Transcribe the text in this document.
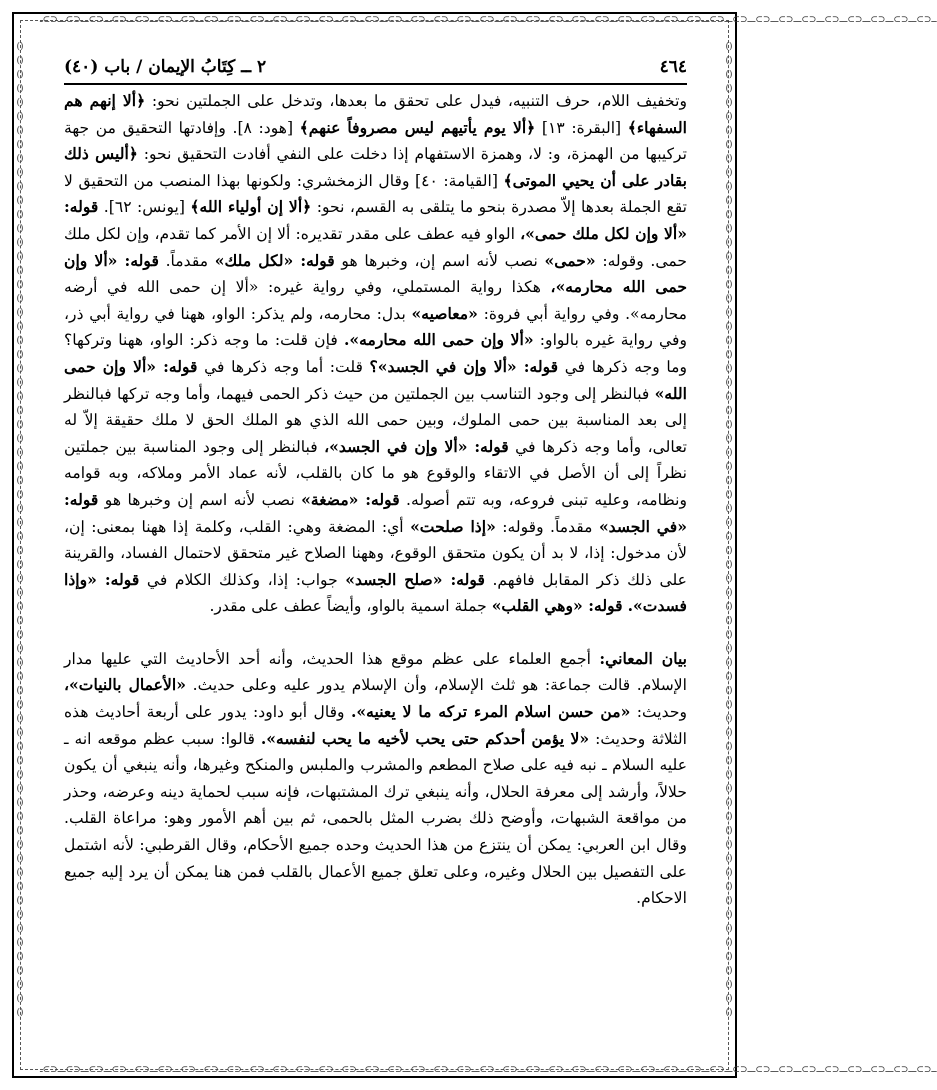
ــ⊂⊃ـــ⊂⊃ـــ⊂⊃ـــ⊂⊃ـــ⊂⊃ـــ⊂⊃ـــ⊂⊃ـــ⊂⊃ـــ⊂⊃ـــ⊂⊃ـــ⊂⊃ـــ⊂⊃ـــ⊂⊃ـــ⊂⊃ـــ⊂⊃ـــ⊂⊃ـــ⊂⊃ـــ⊂⊃ـــ⊂⊃ـــ⊂⊃ـــ⊂⊃ـــ⊂⊃ـــ⊂⊃ـــ⊂⊃ـــ⊂⊃ـــ⊂⊃ـــ⊂⊃ـــ⊂⊃ـــ⊂⊃ـــ⊂⊃ـــ⊂⊃ـــ⊂⊃ـــ⊂⊃ـــ⊂⊃ـــ⊂⊃ـــ⊂⊃ـــ⊂⊃ـــ⊂⊃ـــ⊂⊃ـ
ــ⊂⊃ـــ⊂⊃ـــ⊂⊃ـــ⊂⊃ـــ⊂⊃ـــ⊂⊃ـــ⊂⊃ـــ⊂⊃ـــ⊂⊃ـــ⊂⊃ـــ⊂⊃ـــ⊂⊃ـــ⊂⊃ـــ⊂⊃ـــ⊂⊃ـــ⊂⊃ـــ⊂⊃ـــ⊂⊃ـــ⊂⊃ـــ⊂⊃ـــ⊂⊃ـــ⊂⊃ـــ⊂⊃ـــ⊂⊃ـــ⊂⊃ـــ⊂⊃ـــ⊂⊃ـــ⊂⊃ـــ⊂⊃ـــ⊂⊃ـــ⊂⊃ـــ⊂⊃ـــ⊂⊃ـــ⊂⊃ـــ⊂⊃ـــ⊂⊃ـــ⊂⊃ـــ⊂⊃ـــ⊂⊃ـ
()()()()()()()()()()()()()()()()()()()()()()()()()()()()()()()()()()()()()()()()()()()()()()()()()()()()()()()()()()()()()()()()()()()()()()
()()()()()()()()()()()()()()()()()()()()()()()()()()()()()()()()()()()()()()()()()()()()()()()()()()()()()()()()()()()()()()()()()()()()()()
٤٦٤
٢ ــ كِتَابُ الإيمان / باب (٤٠)

وتخفيف اللام، حرف التنبيه، فيدل على تحقق ما بعدها، وتدخل على الجملتين نحو: ﴿ألا إنهم هم السفهاء﴾ [البقرة: ١٣] ﴿ألا يوم يأتيهم ليس مصروفاً عنهم﴾ [هود: ٨]. وإفادتها التحقيق من جهة تركيبها من الهمزة، و: لا، وهمزة الاستفهام إذا دخلت على النفي أفادت التحقيق نحو: ﴿أليس ذلك بقادر على أن يحيي الموتى﴾ [القيامة: ٤٠] وقال الزمخشري: ولكونها بهذا المنصب من التحقيق لا تقع الجملة بعدها إلاّ مصدرة بنحو ما يتلقى به القسم، نحو: ﴿ألا إن أولياء الله﴾ [يونس: ٦٢]. قوله: «ألا وإن لكل ملك حمى»، الواو فيه عطف على مقدر تقديره: ألا إن الأمر كما تقدم، وإن لكل ملك حمى. وقوله: «حمى» نصب لأنه اسم إن، وخبرها هو قوله: «لكل ملك» مقدماً. قوله: «ألا وإن حمى الله محارمه»، هكذا رواية المستملي، وفي رواية غيره: «ألا إن حمى الله في أرضه محارمه». وفي رواية أبي فروة: «معاصيه» بدل: محارمه، ولم يذكر: الواو، ههنا في رواية أبي ذر، وفي رواية غيره بالواو: «ألا وإن حمى الله محارمه». فإن قلت: ما وجه ذكر: الواو، ههنا وتركها؟ وما وجه ذكرها في قوله: «ألا وإن في الجسد»؟ قلت: أما وجه ذكرها في قوله: «ألا وإن حمى الله» فبالنظر إلى وجود التناسب بين الجملتين من حيث ذكر الحمى فيهما، وأما وجه تركها فبالنظر إلى بعد المناسبة بين حمى الملوك، وبين حمى الله الذي هو الملك الحق لا ملك حقيقة إلاّ له تعالى، وأما وجه ذكرها في قوله: «ألا وإن في الجسد»، فبالنظر إلى وجود المناسبة بين جملتين نظراً إلى أن الأصل في الاتقاء والوقوع هو ما كان بالقلب، لأنه عماد الأمر وملاكه، وبه قوامه ونظامه، وعليه تبنى فروعه، وبه تتم أصوله. قوله: «مضغة» نصب لأنه اسم إن وخبرها هو قوله: «في الجسد» مقدماً. وقوله: «إذا صلحت» أي: المضغة وهي: القلب، وكلمة إذا ههنا بمعنى: إن، لأن مدخول: إذا، لا بد أن يكون متحقق الوقوع، وههنا الصلاح غير متحقق لاحتمال الفساد، والقرينة على ذلك ذكر المقابل فافهم. قوله: «صلح الجسد» جواب: إذا، وكذلك الكلام في قوله: «وإذا فسدت». قوله: «وهي القلب» جملة اسمية بالواو، وأيضاً عطف على مقدر.

بيان المعاني: أجمع العلماء على عظم موقع هذا الحديث، وأنه أحد الأحاديث التي عليها مدار الإسلام. قالت جماعة: هو ثلث الإسلام، وأن الإسلام يدور عليه وعلى حديث. «الأعمال بالنيات»، وحديث: «من حسن اسلام المرء تركه ما لا يعنيه». وقال أبو داود: يدور على أربعة أحاديث هذه الثلاثة وحديث: «لا يؤمن أحدكم حتى يحب لأخيه ما يحب لنفسه». قالوا: سبب عظم موقعه انه ـ عليه السلام ـ نبه فيه على صلاح المطعم والمشرب والملبس والمنكح وغيرها، وأنه ينبغي أن يكون حلالاً، وأرشد إلى معرفة الحلال، وأنه ينبغي ترك المشتبهات، فإنه سبب لحماية دينه وعرضه، وحذر من مواقعة الشبهات، وأوضح ذلك بضرب المثل بالحمى، ثم بين أهم الأمور وهو: مراعاة القلب. وقال ابن العربي: يمكن أن ينتزع من هذا الحديث وحده جميع الأحكام، وقال القرطبي: لأنه اشتمل على التفصيل بين الحلال وغيره، وعلى تعلق جميع الأعمال بالقلب فمن هنا يمكن أن يرد إليه جميع الاحكام.
